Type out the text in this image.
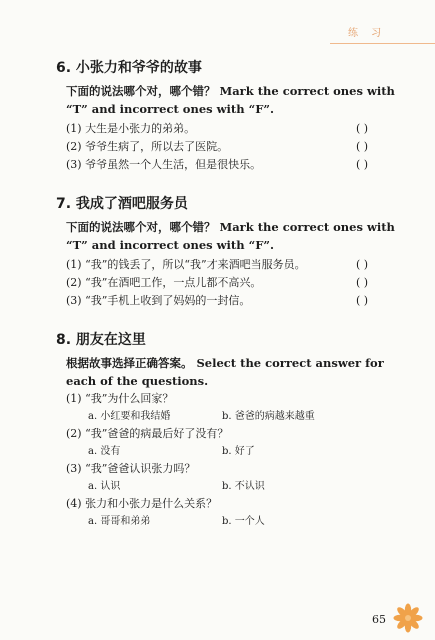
练 习
6. 小张力和爷爷的故事
下面的说法哪个对，哪个错？ Mark the correct ones with
“T” and incorrect ones with “F”.
(1) 大生是小张力的弟弟。	( )
(2) 爷爷生病了，所以去了医院。	( )
(3) 爷爷虽然一个人生活，但是很快乐。	( )
7. 我成了酒吧服务员
下面的说法哪个对，哪个错？ Mark the correct ones with
“T” and incorrect ones with “F”.
(1) “我”的钱丢了，所以“我”才来酒吧当服务员。	( )
(2) “我”在酒吧工作，一点儿都不高兴。	( )
(3) “我”手机上收到了妈妈的一封信。	( )
8. 朋友在这里
根据故事选择正确答案。 Select the correct answer for
each of the questions.
(1) “我”为什么回家？
a. 小红要和我结婚	b. 爸爸的病越来越重
(2) “我”爸爸的病最后好了没有？
a. 没有	b. 好了
(3) “我”爸爸认识张力吗？
a. 认识	b. 不认识
(4) 张力和小张力是什么关系？
a. 哥哥和弟弟	b. 一个人
65
